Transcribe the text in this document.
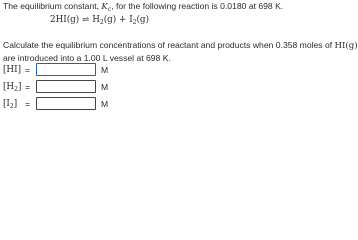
The equilibrium constant, $K_c$, for the following reaction is 0.0180 at 698 K.
2HI(g) ⇌ $H_2(g) + I_2(g)$
Calculate the equilibrium concentrations of reactant and products when 0.358 moles of HI(g)
are introduced into a 1.00 L vessel at 698 K.
[HI] =	M
$[H_2]$ =	M
$[I_2]$ =	M
